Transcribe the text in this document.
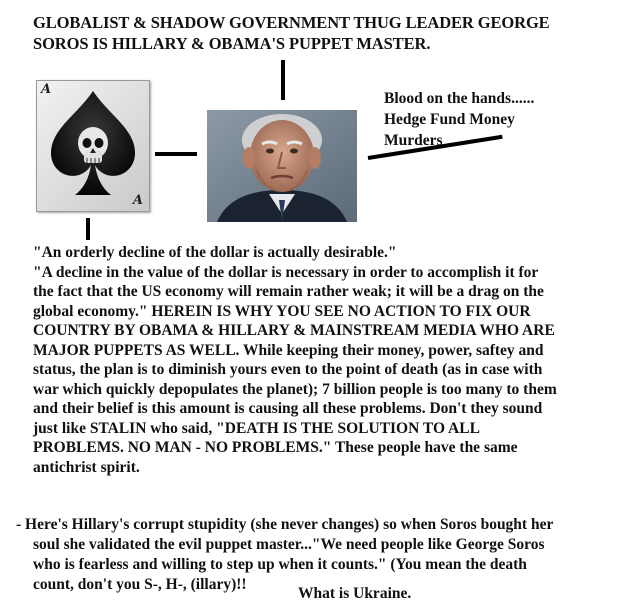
GLOBALIST & SHADOW GOVERNMENT THUG LEADER GEORGE
SOROS IS HILLARY & OBAMA'S PUPPET MASTER.
A
A
Blood on the hands......
Hedge Fund Money
Murders

"An orderly decline of the dollar is actually desirable."

"A decline in the value of the dollar is necessary in order to accomplish it for

the fact that the US economy will remain rather weak; it will be a drag on the

global economy." HEREIN IS WHY YOU SEE NO ACTION TO FIX OUR

COUNTRY BY OBAMA & HILLARY & MAINSTREAM MEDIA WHO ARE

MAJOR PUPPETS AS WELL. While keeping their money, power, saftey and

status, the plan is to diminish yours even to the point of death (as in case with

war which quickly depopulates the planet); 7 billion people is too many to them

and their belief is this amount is causing all these problems. Don't they sound

just like STALIN who said, "DEATH IS THE SOLUTION TO ALL

PROBLEMS. NO MAN - NO PROBLEMS." These people have the same

antichrist spirit.

- Here's Hillary's corrupt stupidity (she never changes) so when Soros bought her
soul she validated the evil puppet master..."We need people like George Soros
who is fearless and willing to step up when it counts." (You mean the death
count, don't you S-, H-, (illary)!!
What is Ukraine.
